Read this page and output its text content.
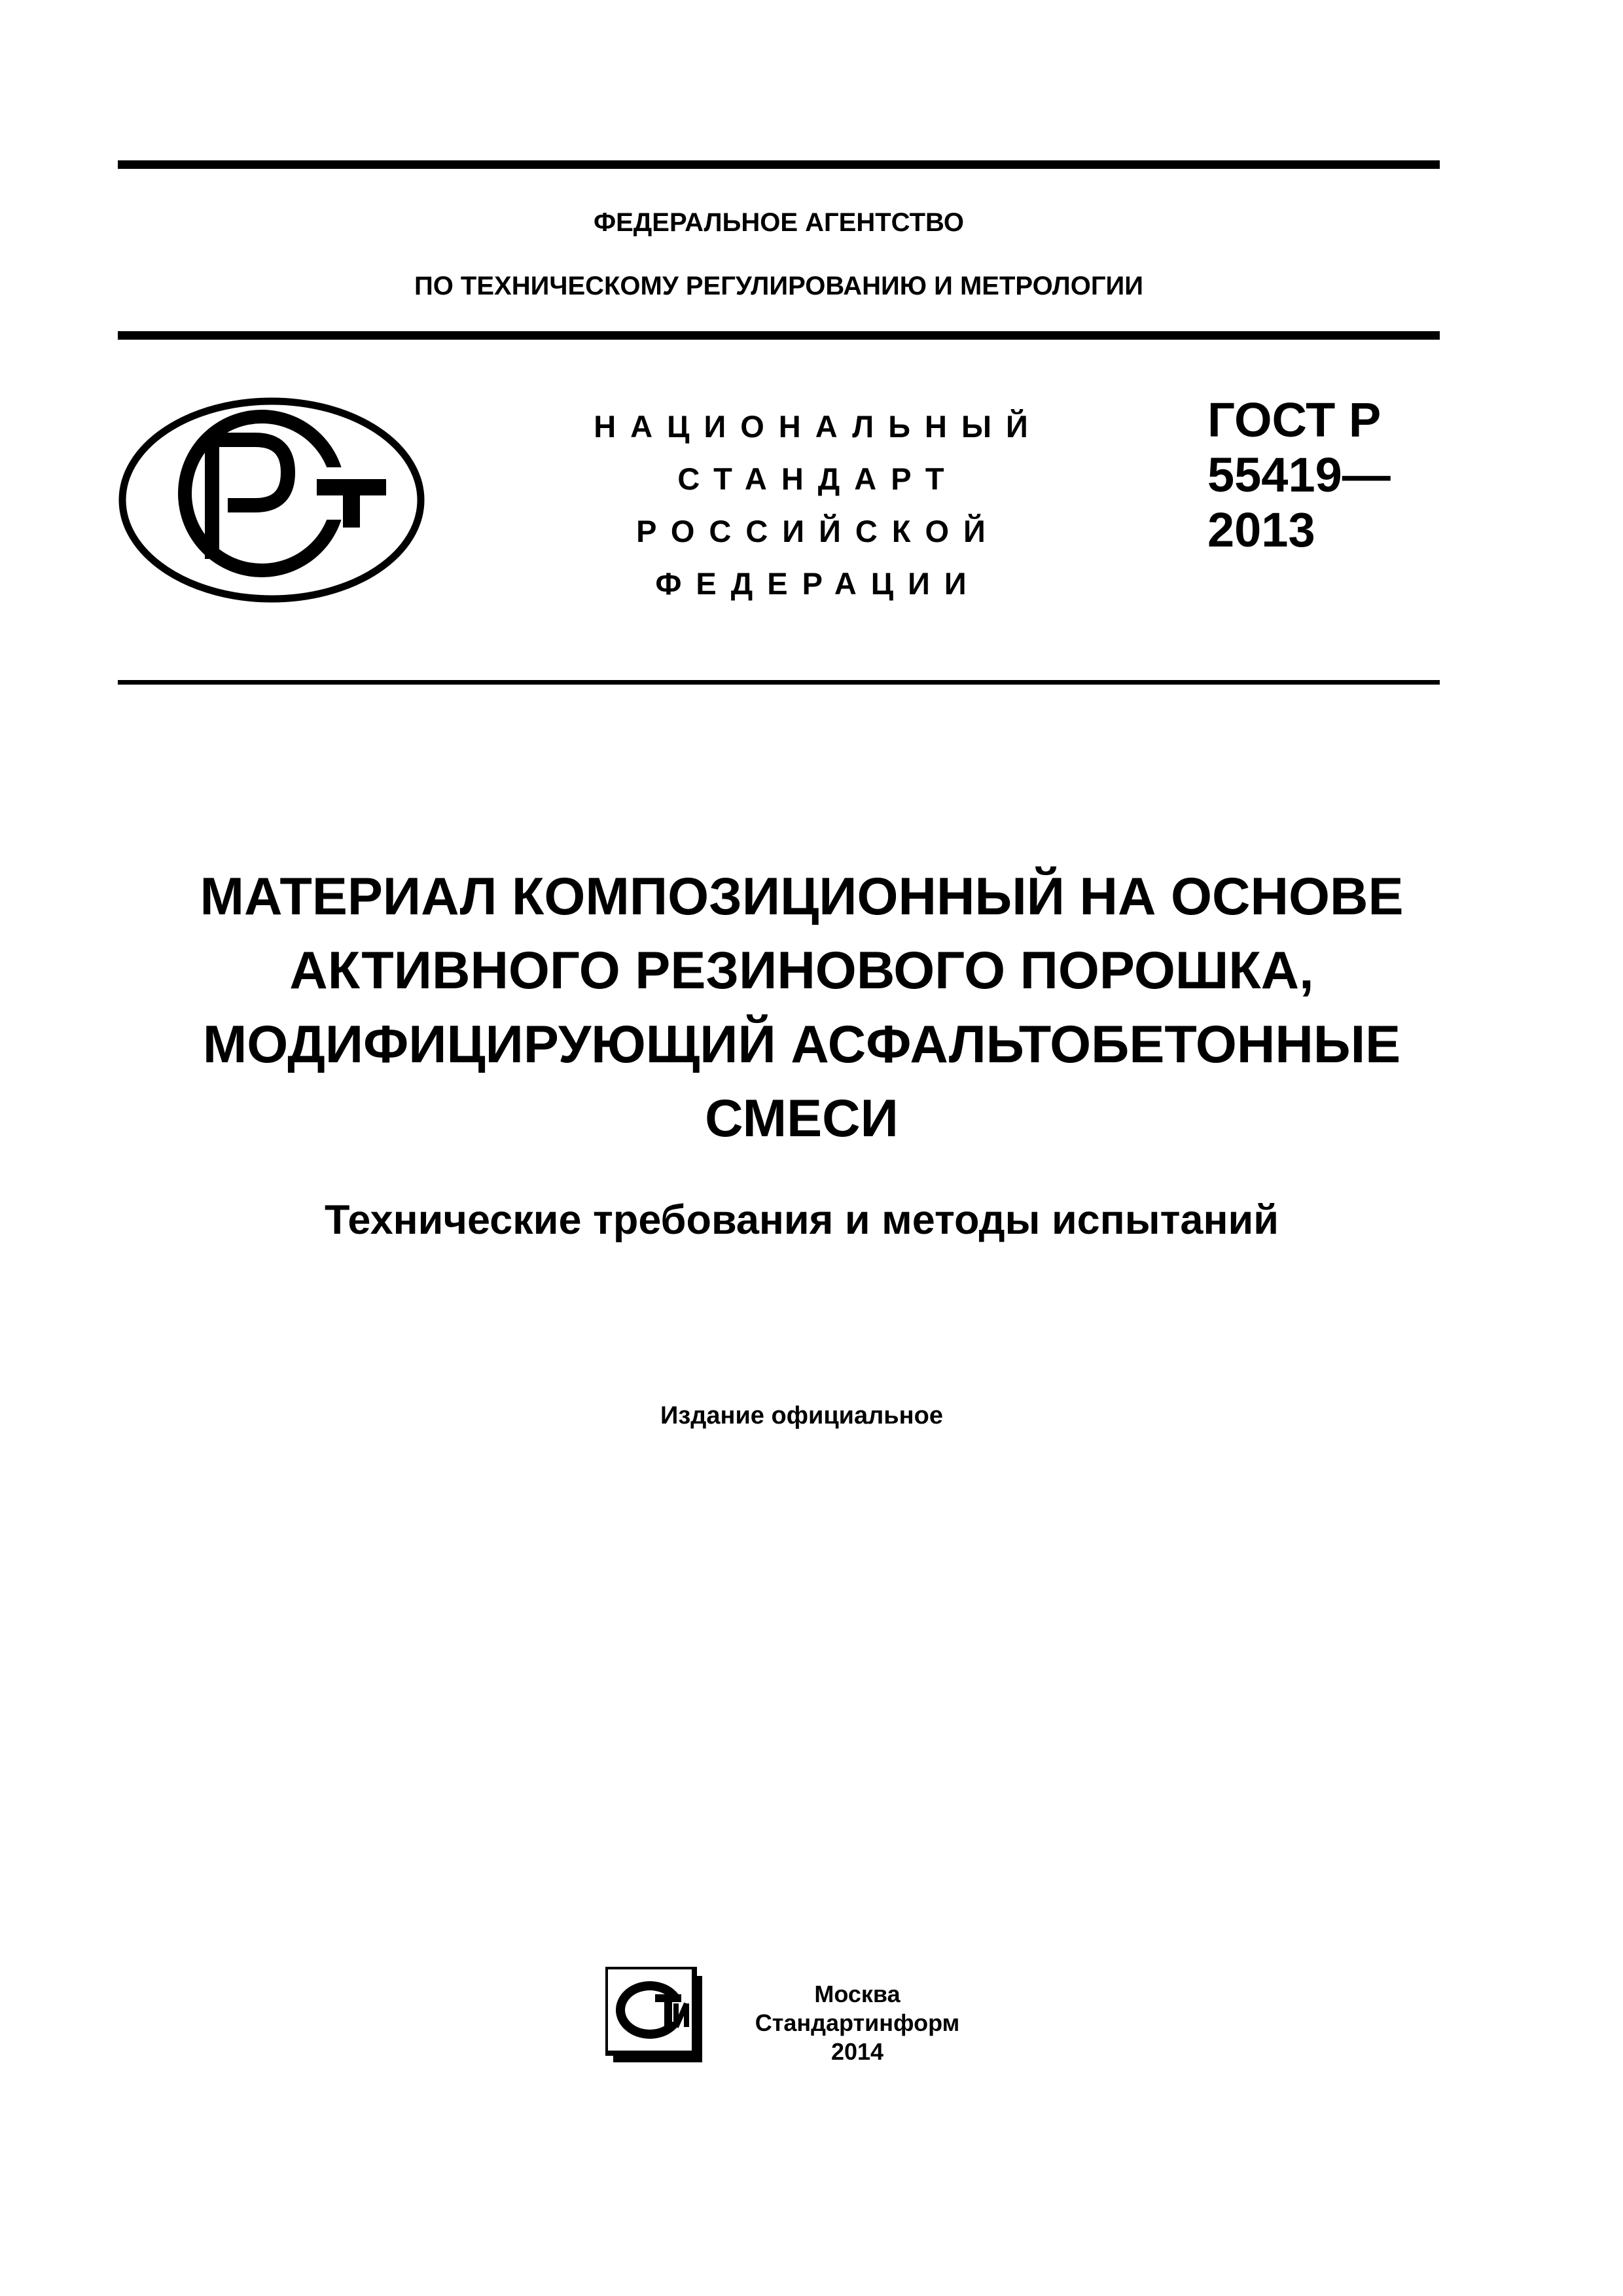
ФЕДЕРАЛЬНОЕ АГЕНТСТВО
ПО ТЕХНИЧЕСКОМУ РЕГУЛИРОВАНИЮ И МЕТРОЛОГИИ
НАЦИОНАЛЬНЫЙ
СТАНДАРТ
РОССИЙСКОЙ
ФЕДЕРАЦИИ
ГОСТ Р
55419—
2013
МАТЕРИАЛ КОМПОЗИЦИОННЫЙ НА ОСНОВЕ
АКТИВНОГО РЕЗИНОВОГО ПОРОШКА,
МОДИФИЦИРУЮЩИЙ АСФАЛЬТОБЕТОННЫЕ
СМЕСИ
Технические требования и методы испытаний
Издание официальное
Москва
Стандартинформ
2014
